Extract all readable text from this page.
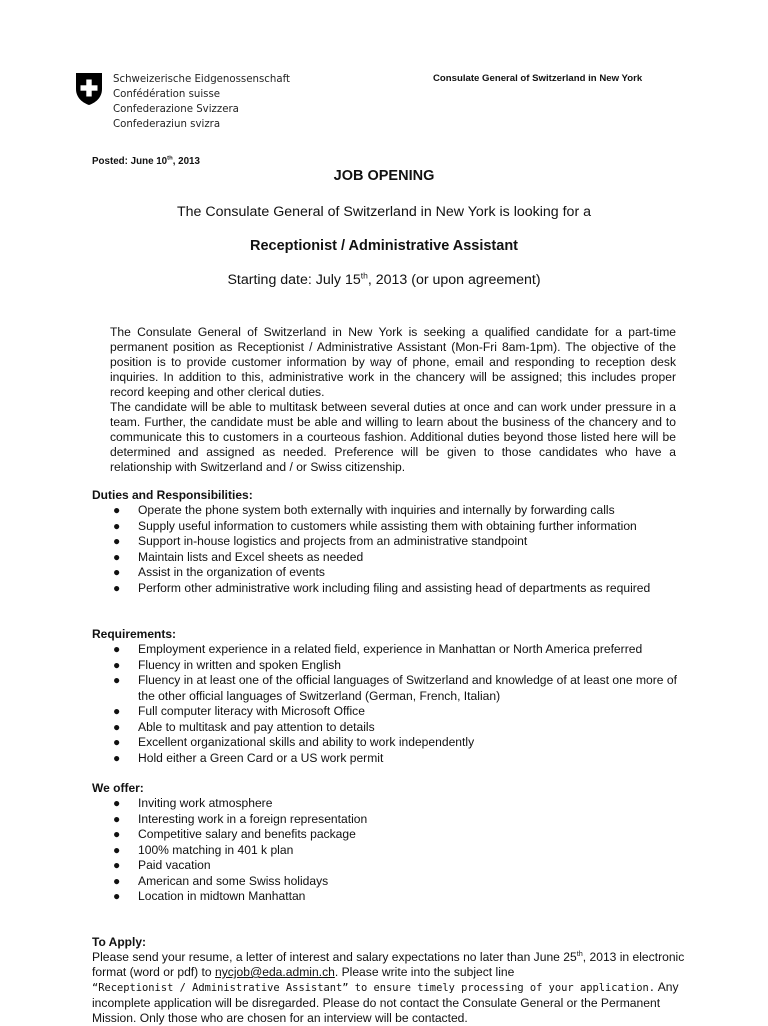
Schweizerische Eidgenossenschaft
Confédération suisse
Confederazione Svizzera
Confederaziun svizra
Consulate General of Switzerland in New York
Posted: June 10th, 2013
JOB OPENING
The Consulate General of Switzerland in New York is looking for a
Receptionist / Administrative Assistant
Starting date: July 15th, 2013 (or upon agreement)
The Consulate General of Switzerland in New York is seeking a qualified candidate for a part-time permanent position as Receptionist / Administrative Assistant (Mon-Fri 8am-1pm). The objective of the position is to provide customer information by way of phone, email and responding to reception desk inquiries. In addition to this, administrative work in the chancery will be assigned; this includes proper record keeping and other clerical duties.
The candidate will be able to multitask between several duties at once and can work under pressure in a team. Further, the candidate must be able and willing to learn about the business of the chancery and to communicate this to customers in a courteous fashion. Additional duties beyond those listed here will be determined and assigned as needed. Preference will be given to those candidates who have a relationship with Switzerland and / or Swiss citizenship.
Duties and Responsibilities:
● Operate the phone system both externally with inquiries and internally by forwarding calls
● Supply useful information to customers while assisting them with obtaining further information
● Support in-house logistics and projects from an administrative standpoint
● Maintain lists and Excel sheets as needed
● Assist in the organization of events
● Perform other administrative work including filing and assisting head of departments as required
Requirements:
● Employment experience in a related field, experience in Manhattan or North America preferred
● Fluency in written and spoken English
● Fluency in at least one of the official languages of Switzerland and knowledge of at least one more of the other official languages of Switzerland (German, French, Italian)
● Full computer literacy with Microsoft Office
● Able to multitask and pay attention to details
● Excellent organizational skills and ability to work independently
● Hold either a Green Card or a US work permit
We offer:
● Inviting work atmosphere
● Interesting work in a foreign representation
● Competitive salary and benefits package
● 100% matching in 401 k plan
● Paid vacation
● American and some Swiss holidays
● Location in midtown Manhattan
To Apply:
Please send your resume, a letter of interest and salary expectations no later than June 25th, 2013 in electronic format (word or pdf) to nycjob@eda.admin.ch. Please write into the subject line
“Receptionist / Administrative Assistant” to ensure timely processing of your application. Any incomplete application will be disregarded. Please do not contact the Consulate General or the Permanent Mission. Only those who are chosen for an interview will be contacted.
